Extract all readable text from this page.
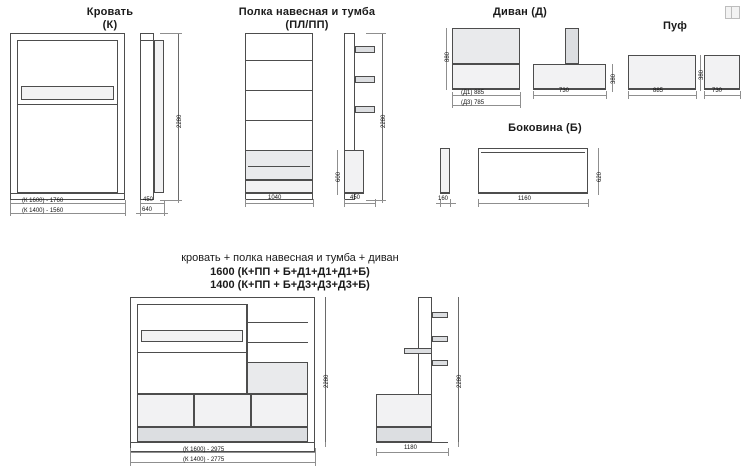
Кровать
(К)
2280
(К 1600) - 1760
(К 1400) - 1560
450
640
Полка навесная и тумба
(ПЛ/ПП)
1040
2280
600
450
Диван (Д)
880
(Д1) 885
(Д3) 785
380
730
Пуф
885	730
380
Боковина (Б)
160	1160
620
кровать + полка навесная и тумба + диван
1600 (К+ПП + Б+Д1+Д1+Д1+Б)
1400 (К+ПП + Б+Д3+Д3+Д3+Б)
2280
(К 1600) - 2975
(К 1400) - 2775
2280
1180
